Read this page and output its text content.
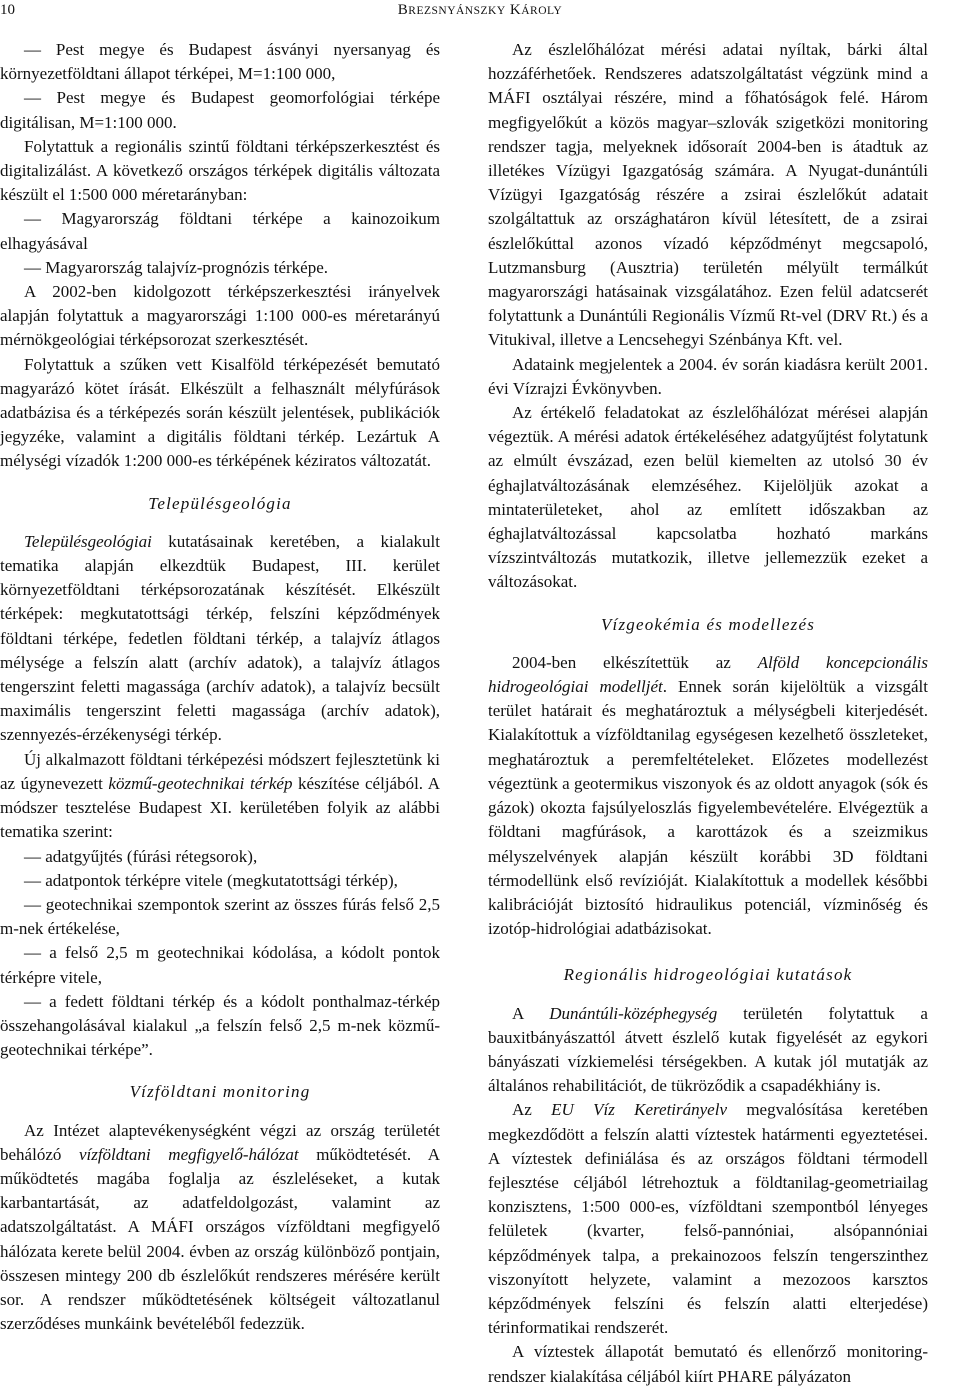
10	BREZSNYÁNSZKY KÁROLY

— Pest megye és Budapest ásványi nyersanyag és környezetföldtani állapot térképei, M=1:100 000,

— Pest megye és Budapest geomorfológiai térképe digitálisan, M=1:100 000.

Folytattuk a regionális szintű földtani térképszerkesztést és digitalizálást. A következő országos térképek digitális változata készült el 1:500 000 méretarányban:

— Magyarország földtani térképe a kainozoikum elhagyásával

— Magyarország talajvíz-prognózis térképe.

A 2002-ben kidolgozott térképszerkesztési irányelvek alapján folytattuk a magyarországi 1:100 000-es méretarányú mérnökgeológiai térképsorozat szerkesztését.

Folytattuk a szűken vett Kisalföld térképezését bemutató magyarázó kötet írását. Elkészült a felhasznált mélyfúrások adatbázisa és a térképezés során készült jelentések, publikációk jegyzéke, valamint a digitális földtani térkép. Lezártuk A mélységi vízadók 1:200 000-es térképének kéziratos változatát.

Településgeológia

Településgeológiai kutatásainak keretében, a kialakult tematika alapján elkezdtük Budapest, III. kerület környezetföldtani térképsorozatának készítését. Elkészült térképek: megkutatottsági térkép, felszíni képződmények földtani térképe, fedetlen földtani térkép, a talajvíz átlagos mélysége a felszín alatt (archív adatok), a talajvíz átlagos tengerszint feletti magassága (archív adatok), a talajvíz becsült maximális tengerszint feletti magassága (archív adatok), szennyezés-érzékenységi térkép.

Új alkalmazott földtani térképezési módszert fejlesztetünk ki az úgynevezett közmű-geotechnikai térkép készítése céljából. A módszer tesztelése Budapest XI. kerületében folyik az alábbi tematika szerint:

— adatgyűjtés (fúrási rétegsorok),

— adatpontok térképre vitele (megkutatottsági térkép),

— geotechnikai szempontok szerint az összes fúrás felső 2,5 m-nek értékelése,

— a felső 2,5 m geotechnikai kódolása, a kódolt pontok térképre vitele,

— a fedett földtani térkép és a kódolt ponthalmaz-térkép összehangolásával kialakul „a felszín felső 2,5 m-nek közmű-geotechnikai térképe”.

Vízföldtani monitoring

Az Intézet alaptevékenységként végzi az ország területét behálózó vízföldtani megfigyelő-hálózat működtetését. A működtetés magába foglalja az észleléseket, a kutak karbantartását, az adatfeldolgozást, valamint az adatszolgáltatást. A MÁFI országos vízföldtani megfigyelő hálózata kerete belül 2004. évben az ország különböző pontjain, összesen mintegy 200 db észlelőkút rendszeres mérésére került sor. A rendszer működtetésének költségeit változatlanul szerződéses munkáink bevételéből fedezzük.

Az észlelőhálózat mérési adatai nyíltak, bárki által hozzáférhetőek. Rendszeres adatszolgáltatást végzünk mind a MÁFI osztályai részére, mind a főhatóságok felé. Három megfigyelőkút a közös magyar–szlovák szigetközi monitoring rendszer tagja, melyeknek idősoraít 2004-ben is átadtuk az illetékes Vízügyi Igazgatóság számára. A Nyugat-dunántúli Vízügyi Igazgatóság részére a zsirai észlelőkút adatait szolgáltattuk az országhatáron kívül létesített, de a zsirai észlelőkúttal azonos vízadó képződményt megcsapoló, Lutzmansburg (Ausztria) területén mélyült termálkút magyarországi hatásainak vizsgálatához. Ezen felül adatcserét folytattunk a Dunántúli Regionális Vízmű Rt-vel (DRV Rt.) és a Vitukival, illetve a Lencsehegyi Szénbánya Kft. vel.

Adataink megjelentek a 2004. év során kiadásra került 2001. évi Vízrajzi Évkönyvben.

Az értékelő feladatokat az észlelőhálózat mérései alapján végeztük. A mérési adatok értékeléséhez adatgyűjtést folytatunk az elmúlt évszázad, ezen belül kiemelten az utolsó 30 év éghajlatváltozásának elemzéséhez. Kijelöljük azokat a mintaterületeket, ahol az említett időszakban az éghajlatváltozással kapcsolatba hozható markáns vízszintváltozás mutatkozik, illetve jellemezzük ezeket a változásokat.

Vízgeokémia és modellezés

2004-ben elkészítettük az Alföld koncepcionális hidrogeológiai modelljét. Ennek során kijelöltük a vizsgált terület határait és meghatároztuk a mélységbeli kiterjedését. Kialakítottuk a vízföldtanilag egységesen kezelhető összleteket, meghatároztuk a peremfeltételeket. Előzetes modellezést végeztünk a geotermikus viszonyok és az oldott anyagok (sók és gázok) okozta fajsúlyeloszlás figyelembevételére. Elvégeztük a földtani magfúrások, a karottázok és a szeizmikus mélyszelvények alapján készült korábbi 3D földtani térmodellünk első revízióját. Kialakítottuk a modellek későbbi kalibrációját biztosító hidraulikus potenciál, vízminőség és izotóp-hidrológiai adatbázisokat.

Regionális hidrogeológiai kutatások

A Dunántúli-középhegység területén folytattuk a bauxitbányászattól átvett észlelő kutak figyelését az egykori bányászati vízkiemelési térségekben. A kutak jól mutatják az általános rehabilitációt, de tükröződik a csapadékhiány is.

Az EU Víz Keretirányelv megvalósítása keretében megkezdődött a felszín alatti víztestek határmenti egyeztetései. A víztestek definiálása és az országos földtani térmodell fejlesztése céljából létrehoztuk a földtanilag-geometriailag konzisztens, 1:500 000-es, vízföldtani szempontból lényeges felületek (kvarter, felső-pannóniai, alsópannóniai képződmények talpa, a prekainozoos felszín tengerszinthez viszonyított helyzete, valamint a mezozoos karsztos képződmények felszíni és felszín alatti elterjedése) térinformatikai rendszerét.

A víztestek állapotát bemutató és ellenőrző monitoring-rendszer kialakítása céljából kiírt PHARE pályázaton
